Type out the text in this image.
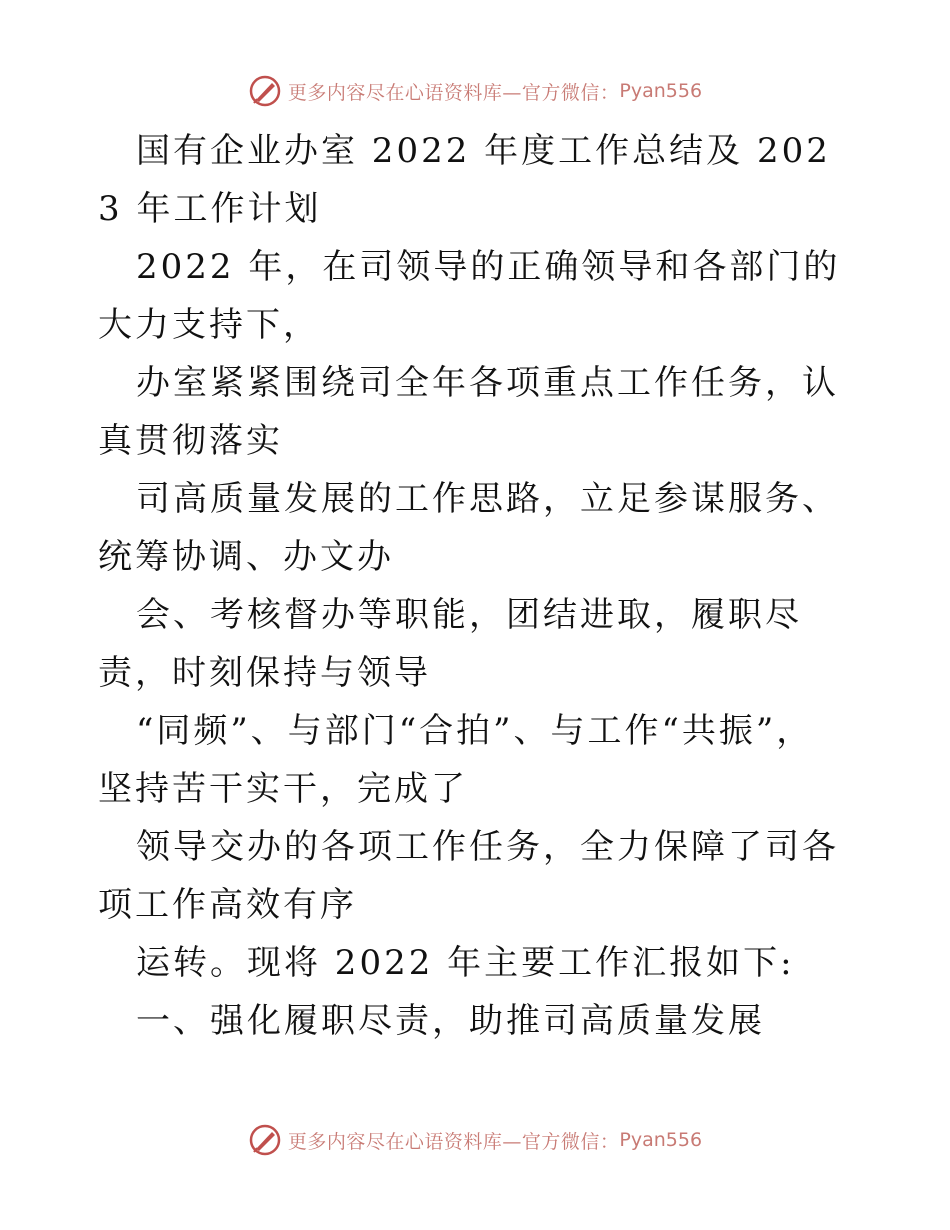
更多内容尽在心语资料库—官方微信： Pyan556

国有企业办室 2022 年度工作总结及 2023 年工作计划

2022 年，在司领导的正确领导和各部门的大力支持下，

办室紧紧围绕司全年各项重点工作任务，认真贯彻落实

司高质量发展的工作思路，立足参谋服务、统筹协调、办文办

会、考核督办等职能，团结进取，履职尽责，时刻保持与领导

“同频”、与部门“合拍”、与工作“共振”，坚持苦干实干，完成了

领导交办的各项工作任务，全力保障了司各项工作高效有序

运转。现将 2022 年主要工作汇报如下:

一、强化履职尽责，助推司高质量发展

更多内容尽在心语资料库—官方微信： Pyan556
